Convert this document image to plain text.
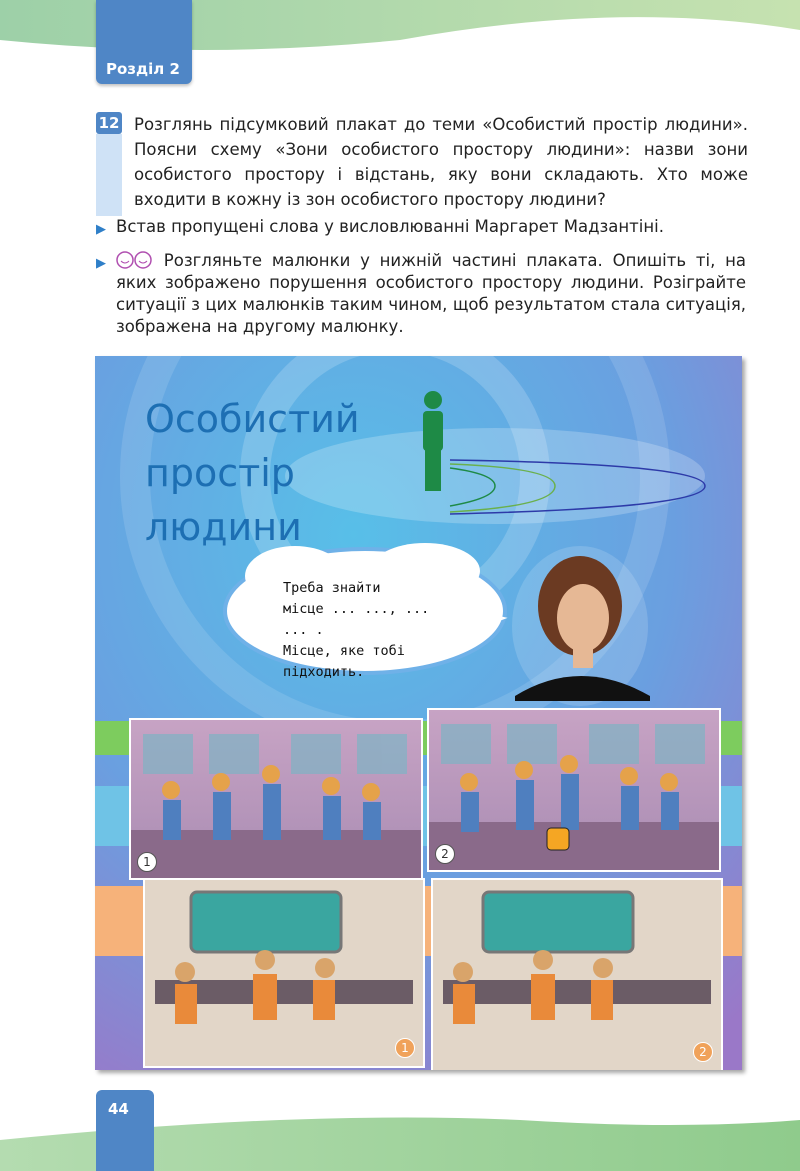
Розділ 2
12 Розглянь підсумковий плакат до теми «Особистий простір людини». Поясни схему «Зони особистого простору людини»: назви зони особистого простору і відстань, яку вони складають. Хто може входити в кожну із зон особистого простору людини?
▶ Встав пропущені слова у висловлюванні Маргарет Мадзантіні.
▶	Розгляньте малюнки у нижній частині плаката. Опишіть ті, на яких зображено порушення особистого простору людини. Розіграйте ситуації з цих малюнків таким чином, щоб результатом стала ситуація, зображена на другому малюнку.
Особистий
простір
людини
Треба знайти
місце ... ..., ... ... .
Місце, яке тобі
підходить.
1
2
1	2
44
